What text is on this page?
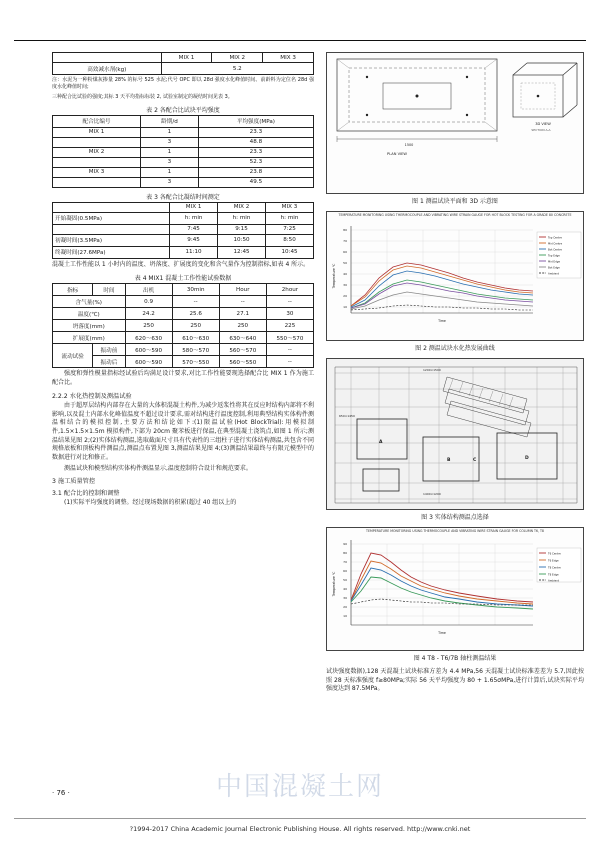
	MIX 1	MIX 2	MIX 3
高效减水剂(kg)	5.2		

注：水泥为一种粉煤灰掺量 28% 的标号 525 水泥;代号 OPC 即以 28d 强度水化峰值时间、前龄料为定位名 28d 强度水化峰值时间;

三种配合比试验的强度;其标 3 天平均指标标装 2, 试验室制定的凝结时间见表 3。

表 2 各配合比试块平均强度
配合比编号	龄期/d	平均强度(MPa)
MIX 1	1	23.3
	3	48.8
MIX 2	1	23.3
	3	52.3
MIX 3	1	23.8
	3	49.5
表 3 各配合比凝结时间测定
	MIX 1	MIX 2	MIX 3
开始凝固(0.5MPa)	h: min	h: min	h: min
	7:45	9:15	7:25
初凝时间(3.5MPa)	9:45	10:50	8:50
终凝时间(27.6MPa)	11:10	12:45	10:45

混凝土工作性能以 1 小时内的温度、坍落度、扩展度的变化和含气量作为控制指标,如表 4 所示。

表 4 MIX1 混凝土工作性能试验数据
指标	时间	出机	30min	Hour	2hour
含气量(%)		0.9	--	--	--
温度(℃)		24.2	25.6	27.1	30
坍落度(mm)		250	250	250	225
扩展度(mm)		620～630	610～630	630～640	550～570
流动试验	振动前	600～590	580～570	560～570	--
	振动后	600～590	570～550	560～550	--

强度和弹性模量指标经试验后均满足设计要求,对比工作性能要现选择配合比 MIX 1 作为施工配合比。

2.2.2 水化热控制及测温试验

由于超厚层结构内部存在大量的大体积混凝土构件,为减少返浆性将其在反应时结构内部将不利影响,以及混土内部水化峰值温度不超过设计要求,需对结构进行温度控制,利用典型结构实体构件测温相结合的模拟控制,主要方法和结论如下:(1)限温试验(Hot BlockTrial):用模拟制件,1.5×1.5×1.5m 模拟构件,下部为 20cm 聚苯板进行保温,在典型混凝土浇筑点,如图 1 所示;测温结果见图 2;(2)实体结构测温,选取截面尺寸具有代表性的三组柱子进行实体结构测温,共包含不同规格底板和顶板构件测温点,测温点布置见图 3,测温结果见图 4;(3)测温结果最终与有限元模型中的数据进行对比和修正。

测温试块和模型结构实体构件测温显示,温度控制符合设计和规范要求。

3 施工质量管控
3.1 配合比的控制和调整

(1)实际平均强度的调整。经过现场数据的积累(超过 40 组以上的

1500
PLAN VIEW
3D VIEW
SECTION A-A
图 1 测温试块平面和 3D 示意图
TEMPERATURE MONITORING USING THERMOCOUPLE AND VIBRATING WIRE STRAIN GAUGE FOR HOT BLOCK TESTING FOR A GRADE 80 CONCRETE
80
70
60
50
40
30
20
10
Temperature ℃
Time
Top Centre
Mid Centre
Bot Centre
Top Edge
Mid Edge
Bot Edge
Ambient
图 2 测温试块水化热发展曲线
A
B	C	D
1200×1500
650×1450
1400×1200
图 3 实体结构测温点选择
TEMPERATURE MONITORING USING THERMOCOUPLE AND VIBRATING WIRE STRAIN GAUGE FOR COLUMN T6, T8
90
80
70
60
50
40
30
20
10
Temperature ℃
Time
T6 Centre
T6 Edge
T8 Centre
T8 Edge
Ambient
图 4 T8 - T6/7B 轴柱测温结果

试块强度数据),128 天混凝土试块标准方差为 4.4 MPa,56 天混凝土试块标准差差为 5.7,因此按照 28 天标准强度 f≥80MPa;实际 56 天平均强度为 80 + 1.65σMPa,进行计算后,试块实际平均强度达到 87.5MPa。

· 76 ·	中国混凝土网
?1994-2017 China Academic Journal Electronic Publishing House. All rights reserved. http://www.cnki.net
